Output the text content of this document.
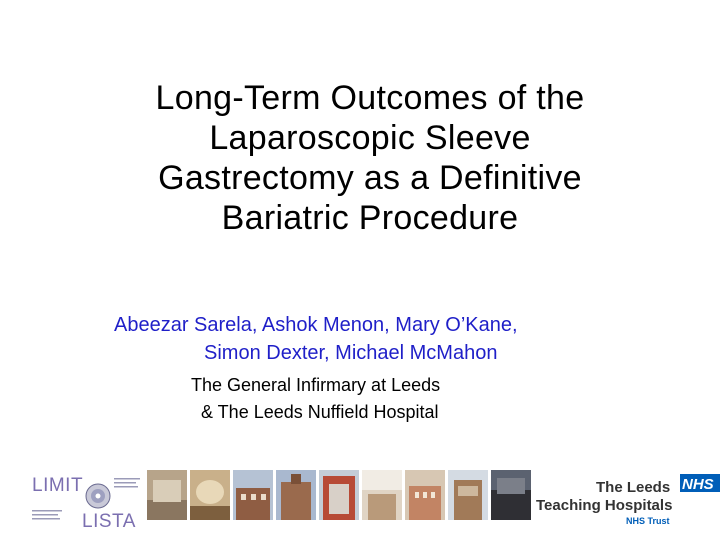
Long-Term Outcomes of the
Laparoscopic Sleeve
Gastrectomy as a Definitive
Bariatric Procedure
Abeezar Sarela, Ashok Menon, Mary O’Kane,
Simon Dexter, Michael McMahon
The General Infirmary at Leeds
& The Leeds Nuffield Hospital
LIMIT
LISTA
NHS
The Leeds
Teaching Hospitals
NHS Trust
